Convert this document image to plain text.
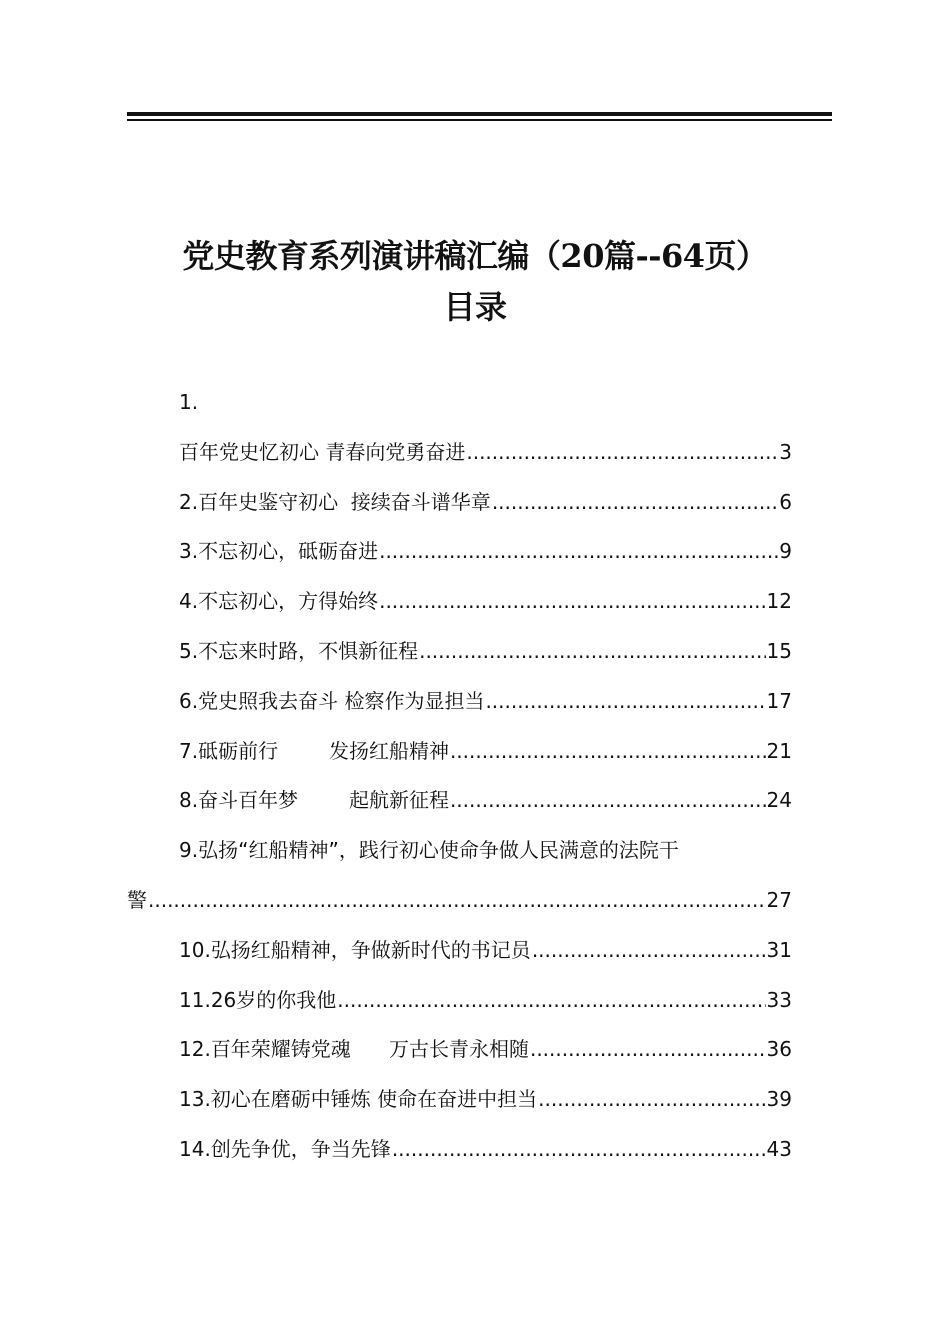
党史教育系列演讲稿汇编（20篇--64页）
目录
1.
百年党史忆初心 青春向党勇奋进 .....	3
2. 百年史鉴守初心  接续奋斗谱华章 .....	6
3. 不忘初心，砥砺奋进 .....	9
4. 不忘初心，方得始终 .....	12
5. 不忘来时路，不惧新征程 .....	15
6. 党史照我去奋斗 检察作为显担当 .....	17
7. 砥砺前行        发扬红船精神 .....	21
8. 奋斗百年梦        起航新征程 .....	24
9. 弘扬“红船精神”，践行初心使命争做人民满意的法院干
警 .....	27
10. 弘扬红船精神，争做新时代的书记员 .....	31
11. 26岁的你我他 .....	33
12. 百年荣耀铸党魂      万古长青永相随 .....	36
13. 初心在磨砺中锤炼 使命在奋进中担当 .....	39
14. 创先争优，争当先锋 .....	43
